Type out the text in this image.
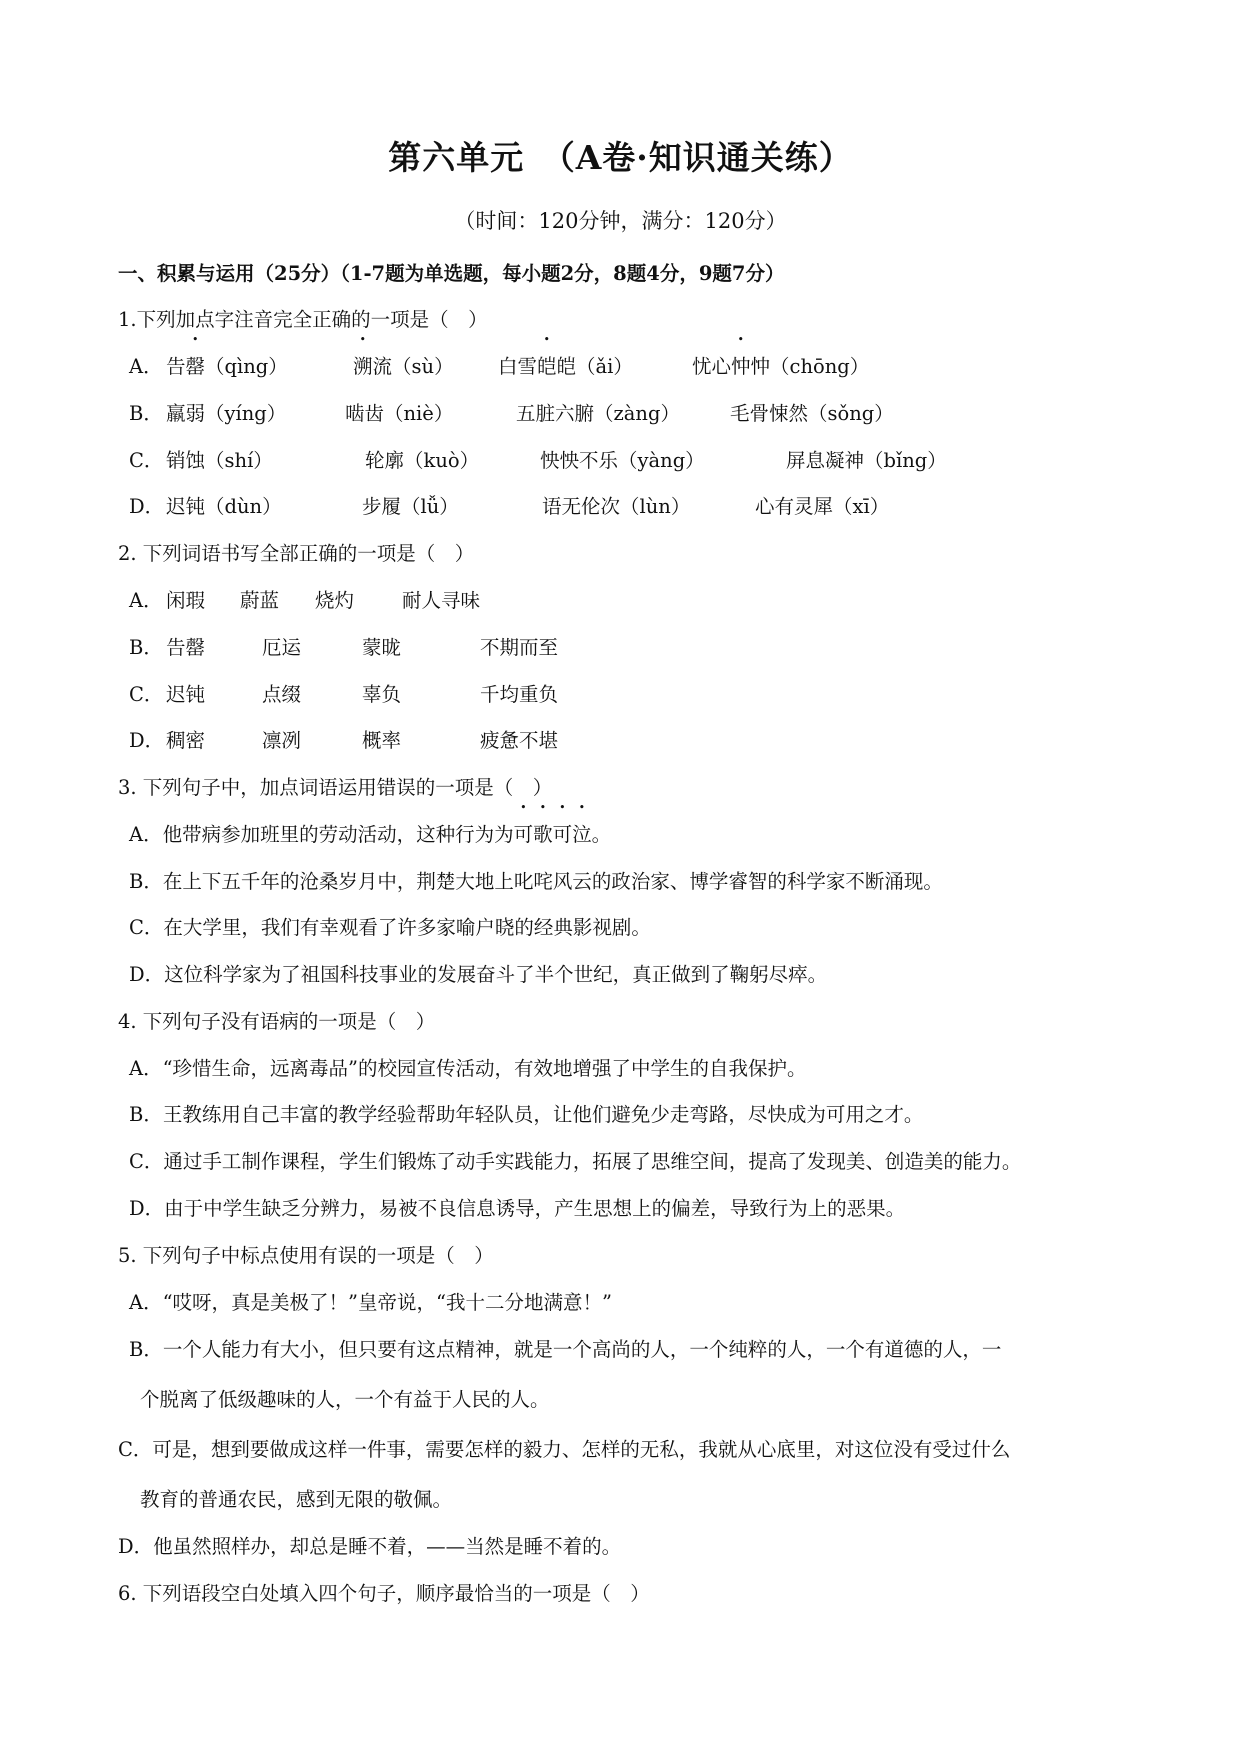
第六单元　（A卷·知识通关练）
（时间：120分钟，满分：120分）
一、积累与运用（25分）（1-7题为单选题，每小题2分，8题4分，9题7分）
1.下列加点字注音完全正确的一项是（　）
A． 告罄（qìng）	溯流（sù） 白雪皑皑（ǎi）	忧心忡忡（chōng）
B． 羸弱（yíng）	啮齿（niè）	五脏六腑（zàng）	毛骨悚然（sǒng）
C． 销蚀（shí）	轮廓（kuò）	怏怏不乐（yàng）	屏息凝神（bǐng）
D． 迟钝（dùn）	步履（lǚ）	语无伦次（lùn）	心有灵犀（xī）
2. 下列词语书写全部正确的一项是（　）
A． 闲瑕 蔚蓝 烧灼 耐人寻味
B． 告罄	厄运	蒙昽	不期而至
C． 迟钝	点缀	辜负	千均重负
D． 稠密	凛冽	概率	疲惫不堪
3. 下列句子中，加点词语运用错误的一项是（　）
A．他带病参加班里的劳动活动，这种行为为可歌可泣。
B．在上下五千年的沧桑岁月中，荆楚大地上叱咤风云的政治家、博学睿智的科学家不断涌现。
C．在大学里，我们有幸观看了许多家喻户晓的经典影视剧。
D．这位科学家为了祖国科技事业的发展奋斗了半个世纪，真正做到了鞠躬尽瘁。
4. 下列句子没有语病的一项是（　）
A．“珍惜生命，远离毒品”的校园宣传活动，有效地增强了中学生的自我保护。
B．王教练用自己丰富的教学经验帮助年轻队员，让他们避免少走弯路，尽快成为可用之才。
C．通过手工制作课程，学生们锻炼了动手实践能力，拓展了思维空间，提高了发现美、创造美的能力。
D．由于中学生缺乏分辨力，易被不良信息诱导，产生思想上的偏差，导致行为上的恶果。
5. 下列句子中标点使用有误的一项是（　）
A．“哎呀，真是美极了！”皇帝说，“我十二分地满意！”
B．一个人能力有大小，但只要有这点精神，就是一个高尚的人，一个纯粹的人，一个有道德的人，一
个脱离了低级趣味的人，一个有益于人民的人。
C．可是，想到要做成这样一件事，需要怎样的毅力、怎样的无私，我就从心底里，对这位没有受过什么
教育的普通农民，感到无限的敬佩。
D．他虽然照样办，却总是睡不着，——当然是睡不着的。
6. 下列语段空白处填入四个句子，顺序最恰当的一项是（　）
